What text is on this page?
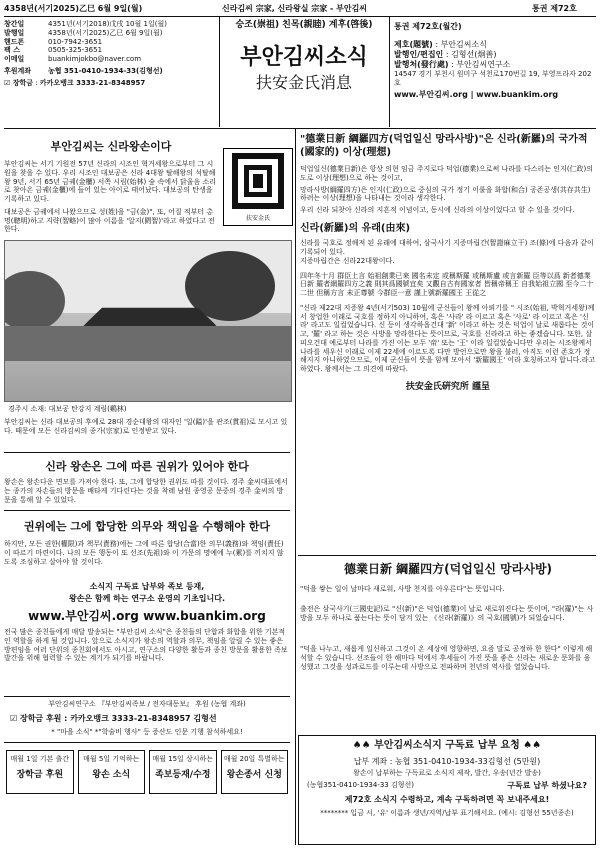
4358년(서기2025)乙巳 6월 9일(월)	신라김씨 宗家, 신라왕실 宗家 - 부안김씨	통권 제72호
창간일	4351년(서기2018)戊戌 10월 1일(월)
발행일	4358년(서기2025)乙巳 6월 9일(월)
핸드폰	010-7942-3651
팩 스	0505-325-3651
이메일	buankimjokbo@naver.com
후원계좌 농협 351-0410-1934-33(김형선)
☑ 장학금 : 카카오뱅크 3333-21-8348957
숭조(崇祖) 친목(親睦) 계후(啓後)
부안김씨소식
扶安金氏消息
통권 제72호(월간)
제호(題號) : 부안김씨소식
발행인/편집인 : 김형선(炯善)
발행처(發行處) : 부안김씨연구소
14547 경기 부천시 원미구 석천로170번길 19, 부영프라자 202호
www.부안김씨.org | www.buankim.org
부안김씨는 신라왕손이다
부안김씨는 서기 기원전 57년 신라의 시조인 혁거세왕으로부터 그 시원을 찾을 수 있다. 우리 시조인 대보공은 신라 4대왕 탈해왕의 석탈해왕 9년, 서기 65년 금궤(金櫃) 서쪽 시림(始林) 숲 속에서 닭울음 소리로 찾아온 금궤(金櫃)에 들어 있는 아이로 태어났다. 대보공의 탄생을 기록하고 있다.
대보공은 금궤에서 나왔으므로 성(姓)을 "금(金)", 또, 어질 적부터 총명(聰明)하고 지략(智略)이 많아 이름을 '알지(閼智)'라고 하였다고 전한다.
扶安金氏
경주시 소재: 대보공 탄강지 계림(鷄林)
부안김씨는 신라 대보공의 후예로 28대 경순대왕의 대자인 '일(鎰)'을 관조(貫祖)로 모시고 있다. 때문에 모든 신라김씨의 종가(宗家)로 인정받고 있다.
신라 왕손은 그에 따른 권위가 있어야 한다
왕손은 왕손다운 면모를 가져야 한다. 또, 그에 합당한 권위도 따를 것이다. 경주 金씨대표에서는 종가의 자손들의 방문을 배타게 기다린다는 것을 착레 남원 종영공 문중의 경주 金씨의 방문을 통해 알 수 있었다.
권위에는 그에 합당한 의무와 책임을 수행해야 한다
하지만, 모든 권한(權限)과 책무(責務)에는 그에 따른 합당(合當)한 의무(義務)와 책임(責任)이 따르기 마련이다. 나의 모든 행동이 또 선조(先祖)와 이 가문의 명예에 누(累)를 끼치지 않도록 조심하고 살아야 할 것이다.
소식지 구독료 납부와 족보 등재,
왕손은 함께 하는 연구소 운영의 기초입니다.
www.부안김씨.org www.buankim.org
전국 많은 종친들에게 매달 발송되는 "부안김씨 소식"은 종친들의 단합과 화합을 위한 기본적인 역할을 하게 될 것입니다. 앞으로 소식지가 왕손의 역할과 의무, 책임을 알릴 수 있는 좋은 방편임을 여러 단위의 종친회에서도 아시고, 연구소의 다양한 활동과 종친 방문을 활용한 족보 발간을 위해 협력할 수 있는 계기가 되기를 바랍니다.
부안김씨연구소 『부안김씨족보 / 전자대동보』 후원 (농협 계좌)
☑ 장학금 후원 : 카카오뱅크 3333-21-8348957 김형선
* "마을 소식" *"학술비 행사" 등 증산도 인문 기행 참석하세요!
매월 1일 기본 출간
장학금 후원
매월 5일 기억하는
왕손 소식
매월 15일 상시하는
족보등재/수정
매월 20일 특별하는
왕손종서 신청
"德業日新 綱羅四方(덕업일신 망라사방)"은 신라(新羅)의 국가적(國家的) 이상(理想)
덕업일신(德業日新)은 항상 의현 임금 주지로다 덕업(德業)으로써 나라를 다스리는 인지(仁政)의 도로 이상(理想)으로 하는 것이고,
망라사방(綱羅四方)은 인지(仁政)으로 중심의 국가 정기 이룰을 화합(和合) 공존공생(共存共生)하려는 이상(理想)을 나타내는 것이라 생각한다.
우리 신라 되찾아 신라의 지흔적 이념이고, 동시에 신라의 이상이었다고 할 수 있을 것이다.
신라(新羅)의 유래(由來)
신라를 국호로 정해져 된 유래에 대하여, 삼국사기 지증마립간(智證麻立干) 조(條)에 다음과 같이 기록되어 있다.
지증마립간은 신라22대왕이다.
四年冬十月 群臣上言 始祖創業已來 國名未定 或稱斯羅 或稱斯盧 或言新羅 臣等以爲 新者德業日新 羅者網羅四方之義 則其爲國號宜矣 又觀自古有國家者 皆稱帝稱王 自我始祖立國 至今二十二世 但稱方言 未正尊號 今群臣一意 謹上號新羅國王 王從之
"신라 제22대 지증왕 4년(서기503) 10월에 군신들이 왕께 아뢰기를 " 시조(始祖, 박혁거세왕)께서 창업한 이래로 국호를 정하지 아니하여, 혹은 '사라' 라 이르고 혹은 '사로' 라 이르고 혹은 '신라' 라고도 일컬었습니다. 신 등이 생각하옵건대 '新' 이라고 하는 것은 덕업이 날로 새롭다는 것이고, '羅' 라고 하는 것은 사방을 망라한다는 뜻이므로, 국호를 신라라고 하는 좋겠습니다. 또한, 살피오건대 예로부터 나라를 가진 이는 모두 '帝' 또는 '王' 이라 일컬었습니다만 우리는 시조왕께서 나라를 세우신 이래로 이제 22세에 이르도록 다만 방언으로만 왕을 불러, 아직도 이런 존호가 정해지지 아니하였으므로, 이제 군신들이 뜻을 함께 모아서 '新羅國王' 이라 호칭하고자 합니다.라고 하였다. 왕께서는 그 의견에 따랐다.
扶安金氏硏究所 謹呈
德業日新 綱羅四方(덕업일신 망라사방)
"덕을 쌓는 일이 날마다 새로워, 사방 천지를 아우른다"는 뜻입니다.
출전은 삼국사기(三國史記)로 "신(新)"은 덕업(德業)이 날로 새로워진다는 뜻이며, "라(羅)"는 사방을 모두 하나로 품는다는 뜻이 담겨 있는 《신라(新羅)》의 국호(國號)가 되었습니다.
"덕을 나누고, 새롭게 일신하고 그것이 온 세상에 영향하면, 요즘 말로 공정하 한 한다" 이렇게 해석할 수 있습니다. 선조들이 한 해마다 덕에서 후세들이 가진 뜻을 좋은 신라는 새로운 문화를 융성했고 그것을 성과로드를 이루는데 사방으로 전파하며 천년의 역사를 열었습니다.
♠♠ 부안김씨소식지 구독료 납부 요청 ♠♠
납부 계좌 : 농협 351-0410-1934-33김형선 (5만원)
왕손이 납부하는 구독료로 소식지 제작, 발간, 우송(년간 발송)
(농협351-0410-1934-33 김형선)	구독료 납부 하셨나요?
제72호 소식지 수령하고, 계속 구독하려면 꼭 보내주세요!
******** 입금 시, '유' 이름과 생년/지역/납부 표기해서요. (예시: 김형선 55년종손)
